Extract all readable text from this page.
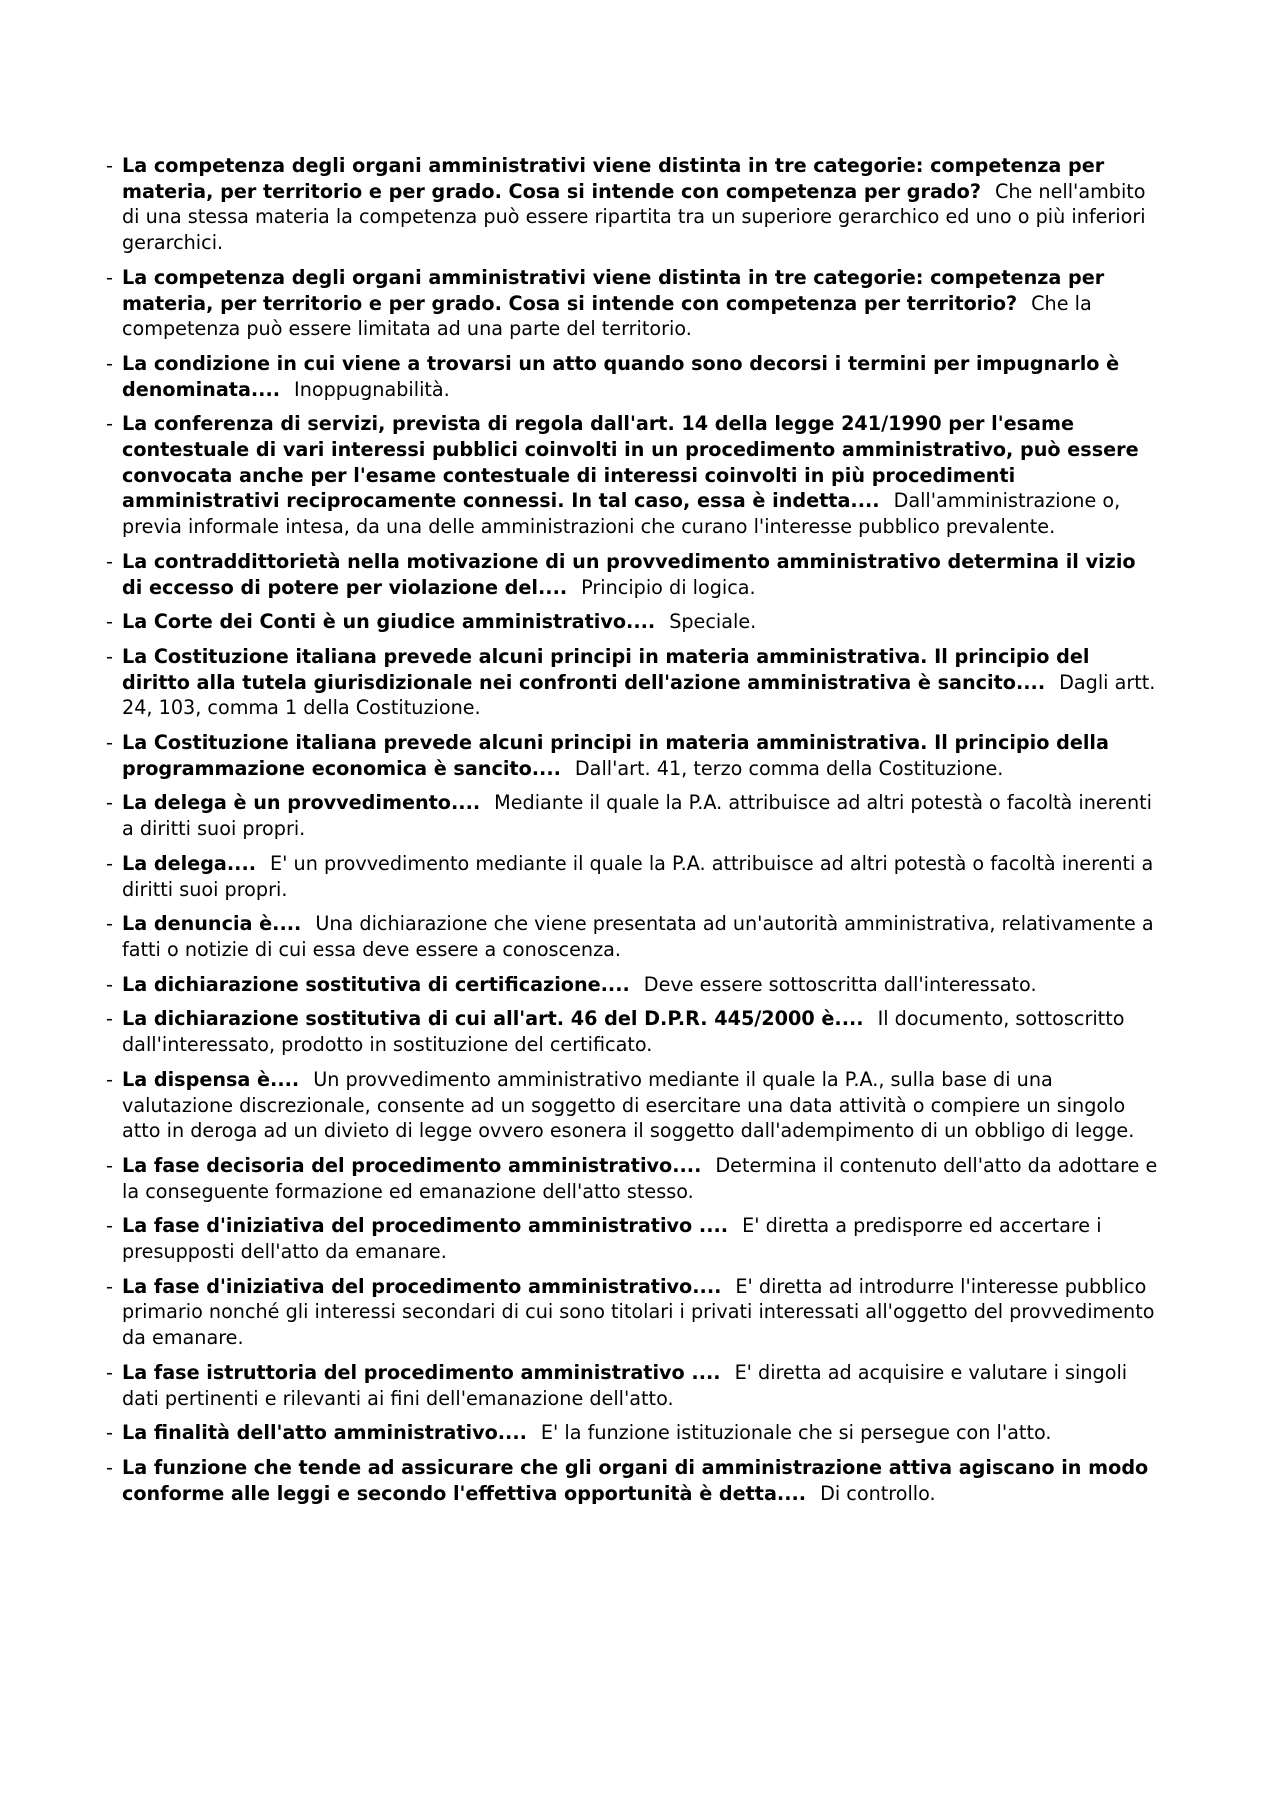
- La competenza degli organi amministrativi viene distinta in tre categorie: competenza per materia, per territorio e per grado. Cosa si intende con competenza per grado? Che nell'ambito di una stessa materia la competenza può essere ripartita tra un superiore gerarchico ed uno o più inferiori gerarchici.
- La competenza degli organi amministrativi viene distinta in tre categorie: competenza per materia, per territorio e per grado. Cosa si intende con competenza per territorio? Che la competenza può essere limitata ad una parte del territorio.
- La condizione in cui viene a trovarsi un atto quando sono decorsi i termini per impugnarlo è denominata.... Inoppugnabilità.
- La conferenza di servizi, prevista di regola dall'art. 14 della legge 241/1990 per l'esame contestuale di vari interessi pubblici coinvolti in un procedimento amministrativo, può essere convocata anche per l'esame contestuale di interessi coinvolti in più procedimenti amministrativi reciprocamente connessi. In tal caso, essa è indetta.... Dall'amministrazione o, previa informale intesa, da una delle amministrazioni che curano l'interesse pubblico prevalente.
- La contraddittorietà nella motivazione di un provvedimento amministrativo determina il vizio di eccesso di potere per violazione del.... Principio di logica.
- La Corte dei Conti è un giudice amministrativo.... Speciale.
- La Costituzione italiana prevede alcuni principi in materia amministrativa. Il principio del diritto alla tutela giurisdizionale nei confronti dell'azione amministrativa è sancito.... Dagli artt. 24, 103, comma 1 della Costituzione.
- La Costituzione italiana prevede alcuni principi in materia amministrativa. Il principio della programmazione economica è sancito.... Dall'art. 41, terzo comma della Costituzione.
- La delega è un provvedimento.... Mediante il quale la P.A. attribuisce ad altri potestà o facoltà inerenti a diritti suoi propri.
- La delega.... E' un provvedimento mediante il quale la P.A. attribuisce ad altri potestà o facoltà inerenti a diritti suoi propri.
- La denuncia è.... Una dichiarazione che viene presentata ad un'autorità amministrativa, relativamente a fatti o notizie di cui essa deve essere a conoscenza.
- La dichiarazione sostitutiva di certificazione.... Deve essere sottoscritta dall'interessato.
- La dichiarazione sostitutiva di cui all'art. 46 del D.P.R. 445/2000 è.... Il documento, sottoscritto dall'interessato, prodotto in sostituzione del certificato.
- La dispensa è.... Un provvedimento amministrativo mediante il quale la P.A., sulla base di una valutazione discrezionale, consente ad un soggetto di esercitare una data attività o compiere un singolo atto in deroga ad un divieto di legge ovvero esonera il soggetto dall'adempimento di un obbligo di legge.
- La fase decisoria del procedimento amministrativo.... Determina il contenuto dell'atto da adottare e la conseguente formazione ed emanazione dell'atto stesso.
- La fase d'iniziativa del procedimento amministrativo .... E' diretta a predisporre ed accertare i presupposti dell'atto da emanare.
- La fase d'iniziativa del procedimento amministrativo.... E' diretta ad introdurre l'interesse pubblico primario nonché gli interessi secondari di cui sono titolari i privati interessati all'oggetto del provvedimento da emanare.
- La fase istruttoria del procedimento amministrativo .... E' diretta ad acquisire e valutare i singoli dati pertinenti e rilevanti ai fini dell'emanazione dell'atto.
- La finalità dell'atto amministrativo.... E' la funzione istituzionale che si persegue con l'atto.
- La funzione che tende ad assicurare che gli organi di amministrazione attiva agiscano in modo conforme alle leggi e secondo l'effettiva opportunità è detta.... Di controllo.
